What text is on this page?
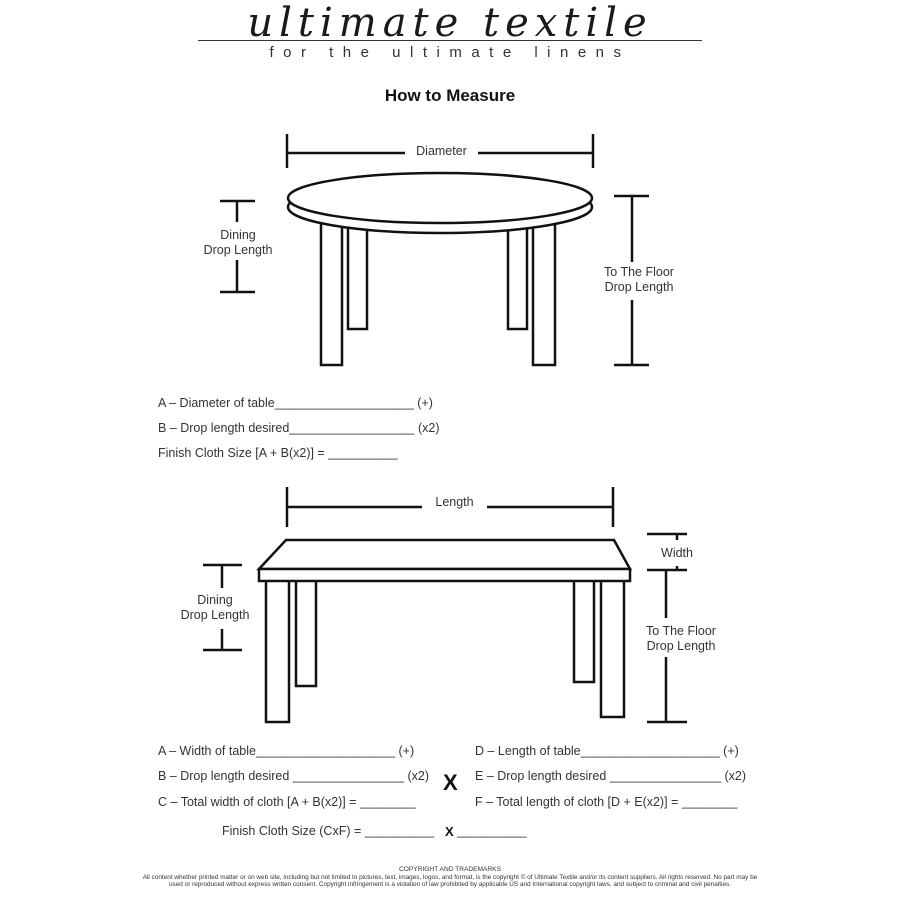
ultimate textile
for the ultimate linens
How to Measure
Diameter
Dining
Drop Length
To The Floor
Drop Length
A – Diameter of table____________________ (+)
B – Drop length desired__________________ (x2)
Finish Cloth Size [A + B(x2)] = __________
Length
Width
Dining
Drop Length
To The Floor
Drop Length
A – Width of table____________________ (+)
B – Drop length desired ________________ (x2)
C – Total width of cloth [A + B(x2)] = ________
X
D – Length of table____________________ (+)
E – Drop length desired ________________ (x2)
F – Total length of cloth [D + E(x2)] = ________
Finish Cloth Size (CxF) = __________ X __________
COPYRIGHT AND TRADEMARKS
All content whether printed matter or on web site, including but not limited to pictures, text, images, logos, and format, is the copyright © of Ultimate Textile and/or its content suppliers. All rights reserved. No part may be used or reproduced without express written consent. Copyright infringement is a violation of law prohibited by applicable US and International copyright laws, and subject to criminal and civil penalties.
